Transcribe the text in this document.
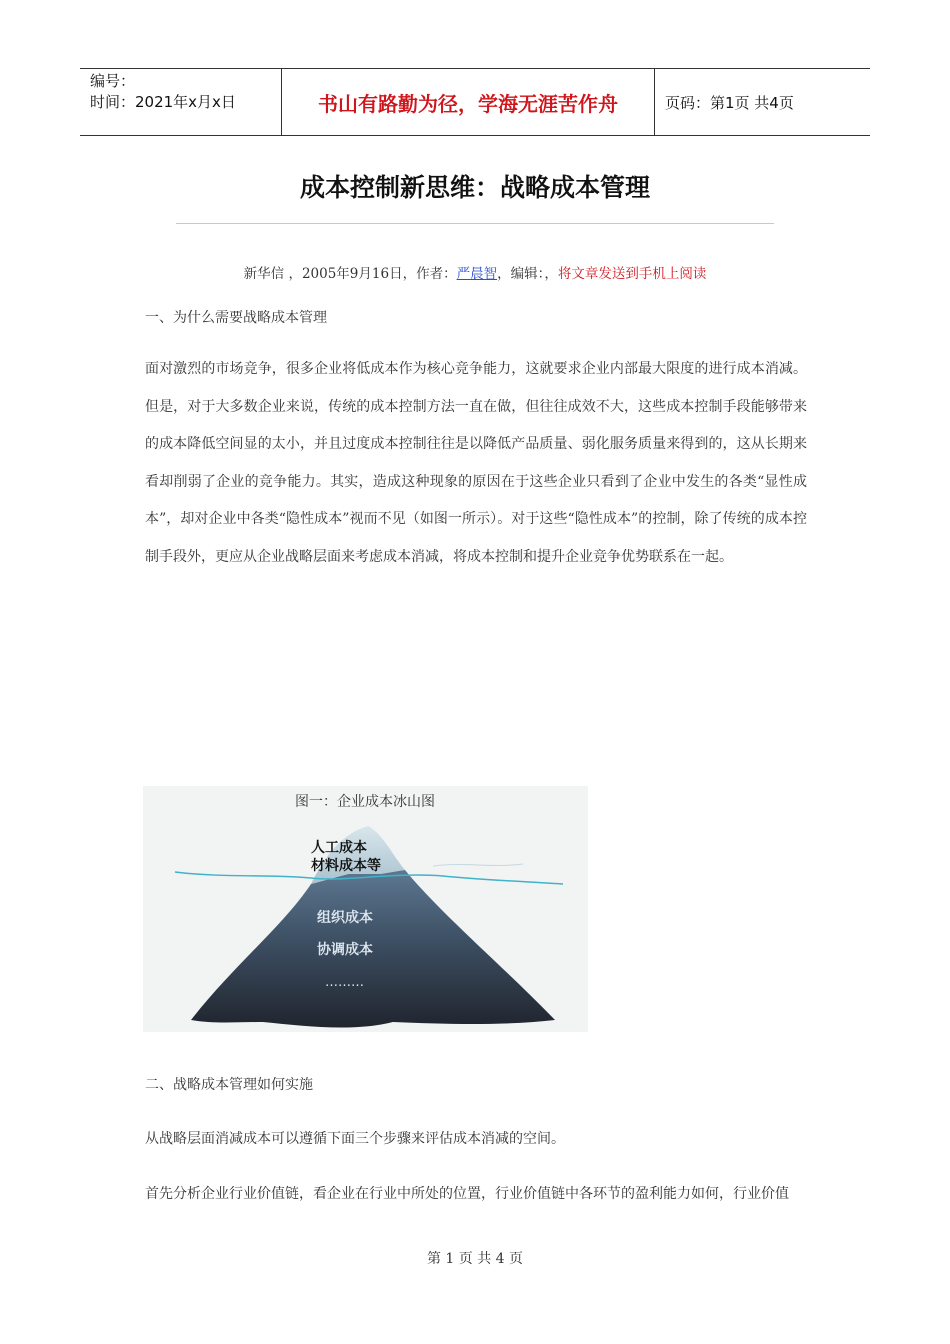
编号：
时间：2021年x月x日	书山有路勤为径，学海无涯苦作舟	页码：第1页 共4页
成本控制新思维：战略成本管理
新华信 ，2005年9月16日，作者：严晨智，编辑：，将文章发送到手机上阅读
一、为什么需要战略成本管理

面对激烈的市场竞争，很多企业将低成本作为核心竞争能力，这就要求企业内部最大限度的进行成本消减。但是，对于大多数企业来说，传统的成本控制方法一直在做，但往往成效不大，这些成本控制手段能够带来的成本降低空间显的太小，并且过度成本控制往往是以降低产品质量、弱化服务质量来得到的，这从长期来看却削弱了企业的竞争能力。其实，造成这种现象的原因在于这些企业只看到了企业中发生的各类“显性成本”，却对企业中各类“隐性成本”视而不见（如图一所示）。对于这些“隐性成本”的控制，除了传统的成本控制手段外，更应从企业战略层面来考虑成本消减，将成本控制和提升企业竞争优势联系在一起。

图一：企业成本冰山图
人工成本
材料成本等
组织成本
协调成本
………
二、战略成本管理如何实施
从战略层面消减成本可以遵循下面三个步骤来评估成本消减的空间。
首先分析企业行业价值链，看企业在行业中所处的位置，行业价值链中各环节的盈利能力如何，行业价值
第 1 页 共 4 页
